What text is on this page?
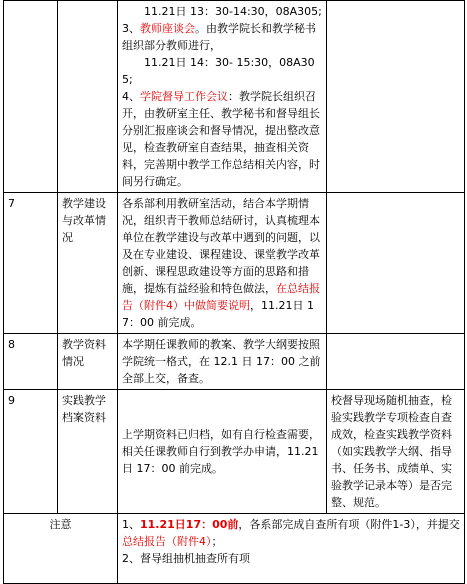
		11.21日 13：30-14:30，08A305;
3、教师座谈会。由教学院长和教学秘书组织部分教师进行，
11.21日 14：30- 15:30，08A305;
4、学院督导工作会议：教学院长组织召开，由教研室主任、教学秘书和督导组长分别汇报座谈会和督导情况，提出整改意见，检查教研室自查结果，抽查相关资料，完善期中教学工作总结相关内容，时间另行确定。	

7	教学建设与改革情况	各系部利用教研室活动，结合本学期情况，组织青干教师总结研讨，认真梳理本单位在教学建设与改革中遇到的问题，以及在专业建设、课程建设、课堂教学改革创新、课程思政建设等方面的思路和措施，提炼有益经验和特色做法，在总结报告（附件4）中做简要说明，11.21日 17：00 前完成。	
8	教学资料情况	本学期任课教师的教案、教学大纲要按照学院统一格式，在 12.1 日 17：00 之前全部上交，备查。	
9	实践教学档案资料	上学期资料已归档，如有自行检查需要，相关任课教师自行到教学办申请，11.21日 17：00 前完成。	校督导现场随机抽查，检验实践教学专项检查自查成效，检查实践教学资料（如实践教学大纲、指导书、任务书、成绩单、实验教学记录本等）是否完整、规范。
注意		1、11.21日17：00前，各系部完成自查所有项（附件1-3），并提交总结报告（附件4）；
2、督导组抽机抽查所有项	
